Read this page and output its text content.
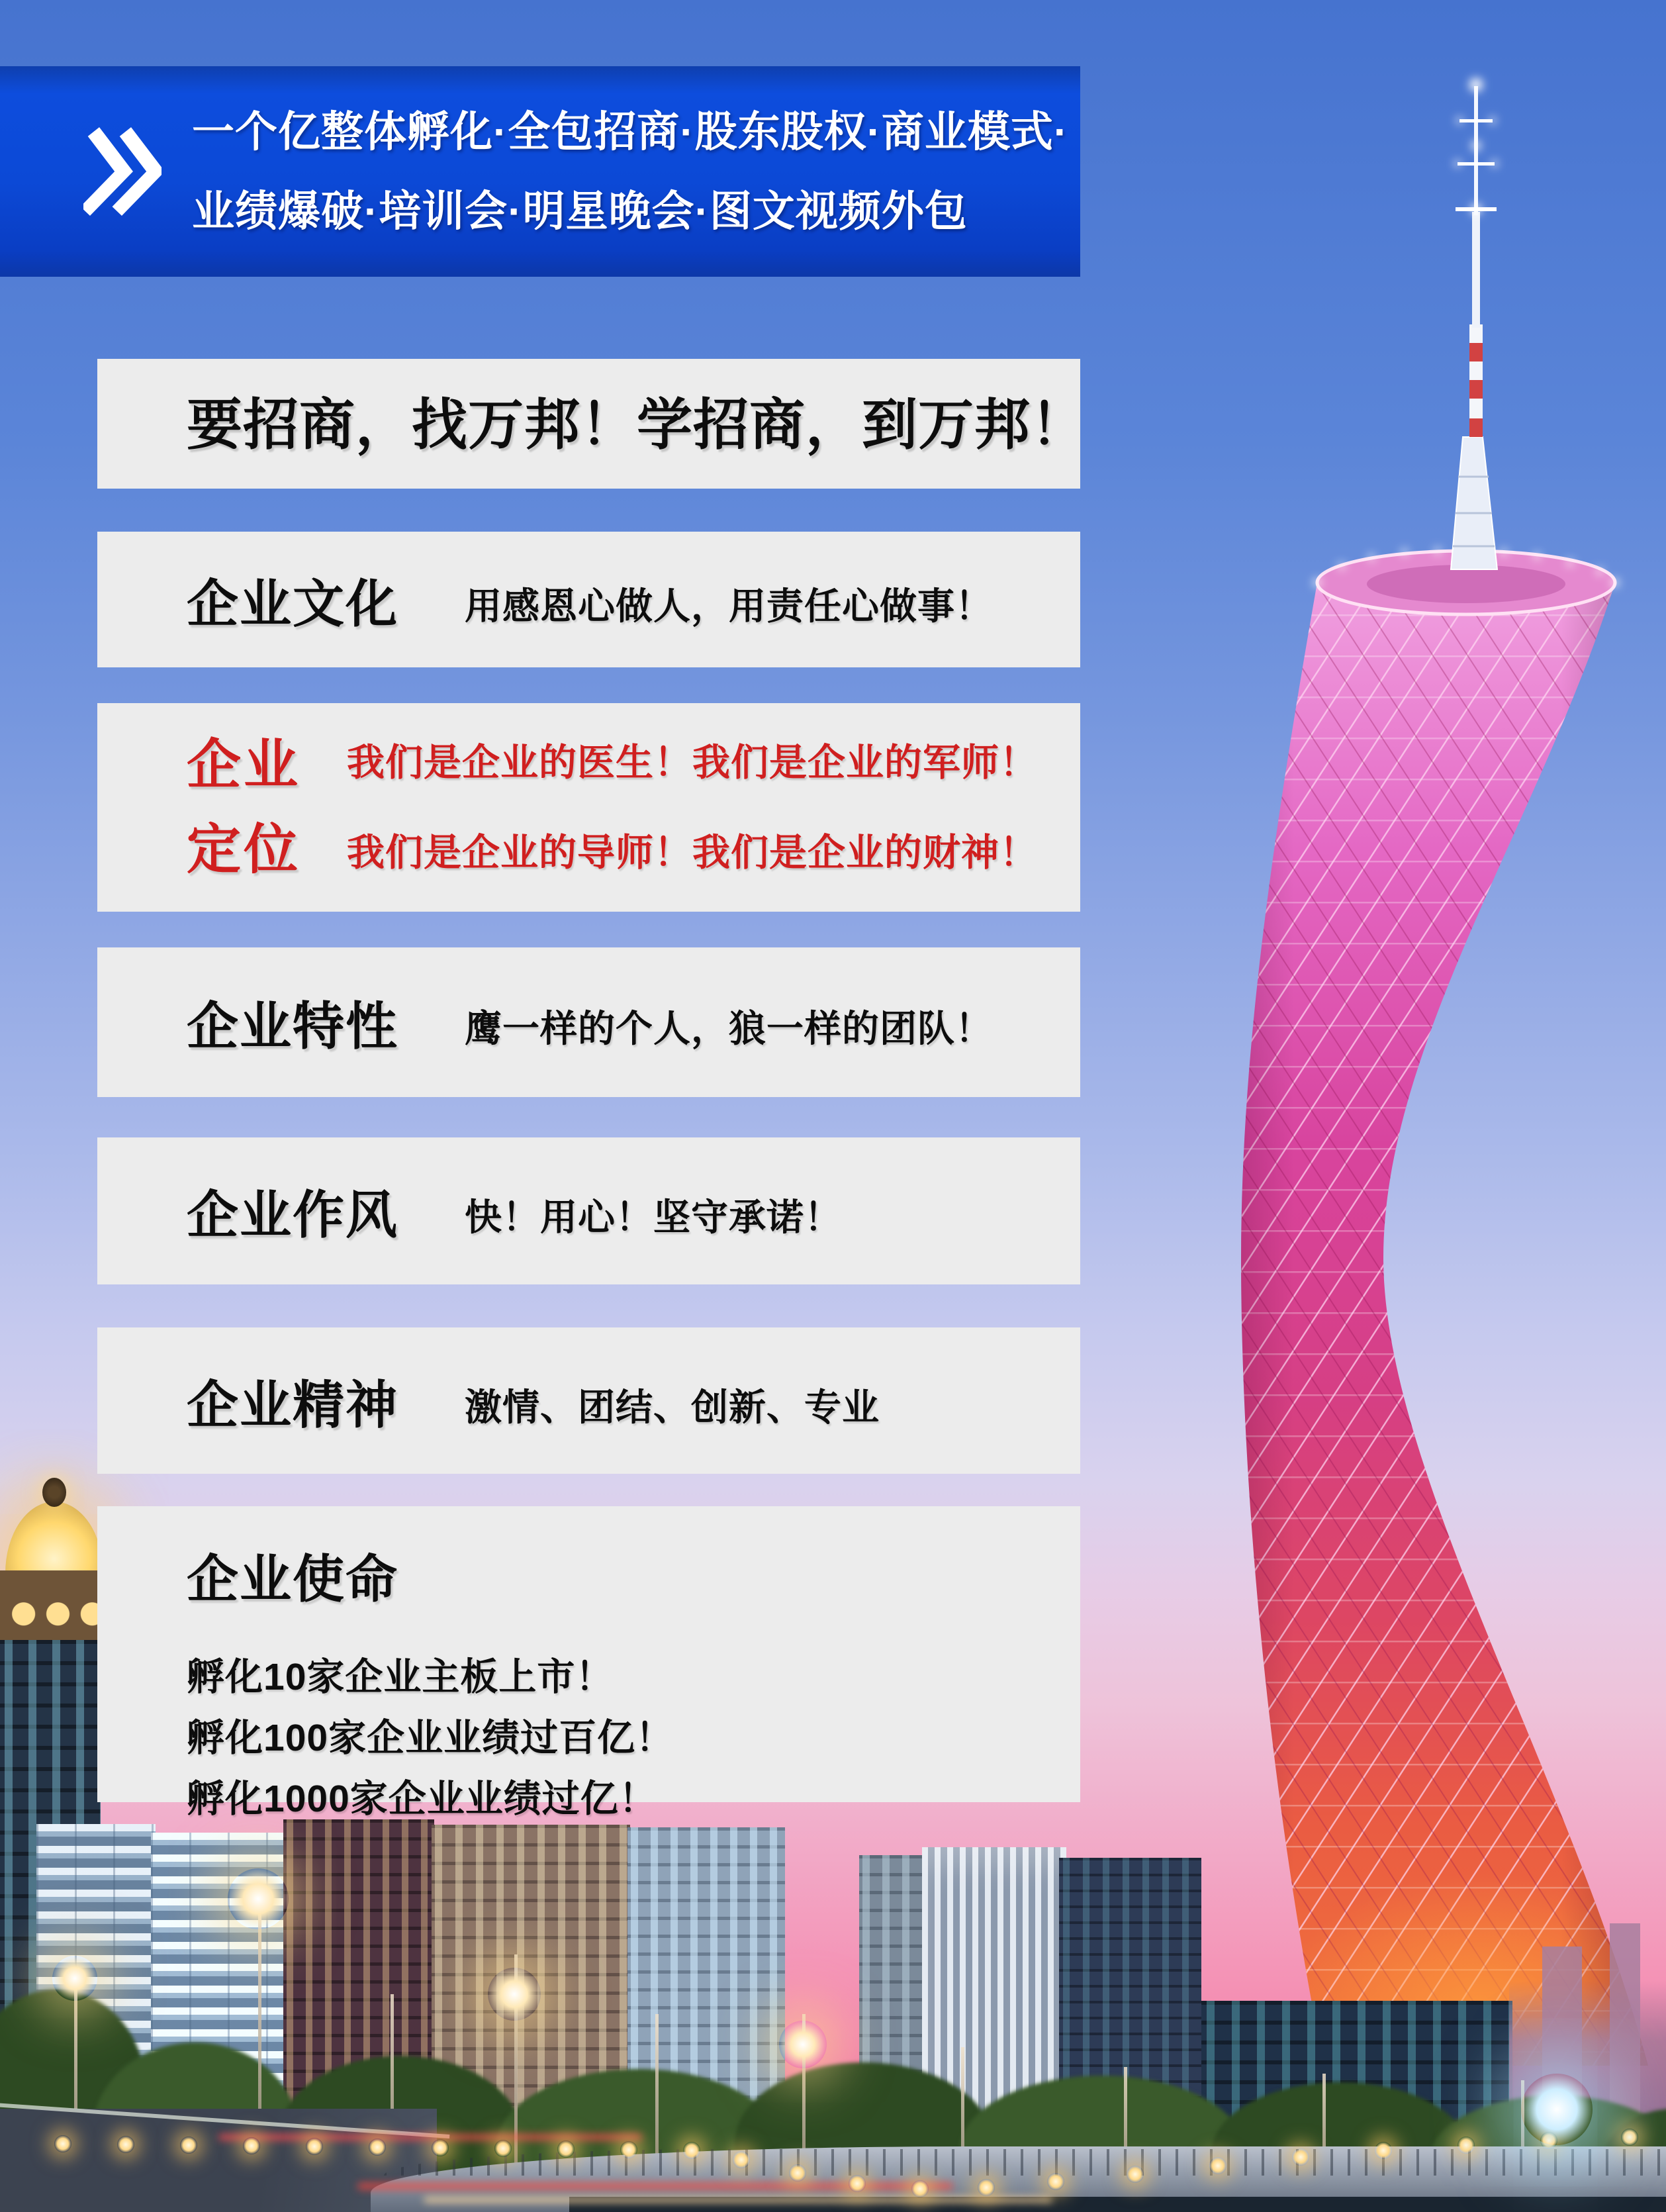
一个亿整体孵化·全包招商·股东股权·商业模式·
业绩爆破·培训会·明星晚会·图文视频外包
要招商，找万邦！学招商，到万邦！
企业文化 用感恩心做人，用责任心做事！
企业
定位
我们是企业的医生！我们是企业的军师！
我们是企业的导师！我们是企业的财神！
企业特性 鹰一样的个人，狼一样的团队！
企业作风 快！用心！坚守承诺！
企业精神 激情、团结、创新、专业
企业使命
孵化10家企业主板上市！
孵化100家企业业绩过百亿！
孵化1000家企业业绩过亿！
